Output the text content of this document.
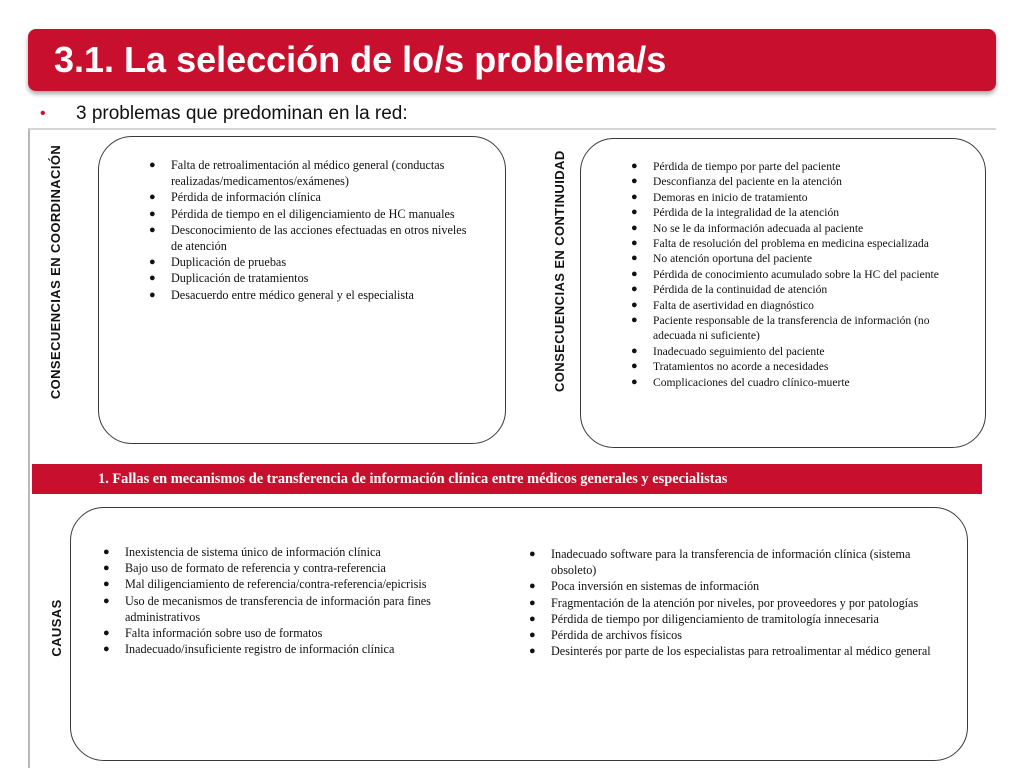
3.1. La selección de lo/s problema/s
• 3 problemas que predominan en la red:
CONSECUENCIAS EN COORDINACIÓN	● Falta de retroalimentación al médico general (conductas realizadas/medicamentos/exámenes)
● Pérdida de información clínica
● Pérdida de tiempo en el diligenciamiento de HC manuales
● Desconocimiento de las acciones efectuadas en otros niveles de atención
● Duplicación de pruebas
● Duplicación de tratamientos
● Desacuerdo entre médico general y el especialista	CONSECUENCIAS EN CONTINUIDAD	● Pérdida de tiempo por parte del paciente
● Desconfianza del paciente en la atención
● Demoras en inicio de tratamiento
● Pérdida de la integralidad de la atención
● No se le da información adecuada al paciente
● Falta de resolución del problema en medicina especializada
● No atención oportuna del paciente
● Pérdida de conocimiento acumulado sobre la HC del paciente
● Pérdida de la continuidad de atención
● Falta de asertividad en diagnóstico
● Paciente responsable de la transferencia de información (no adecuada ni suficiente)
● Inadecuado seguimiento del paciente
● Tratamientos no acorde a necesidades
● Complicaciones del cuadro clínico-muerte
1. Fallas en mecanismos de transferencia de información clínica entre médicos generales y especialistas
CAUSAS
● Inexistencia de sistema único de información clínica
● Bajo uso de formato de referencia y contra-referencia
● Mal diligenciamiento de referencia/contra-referencia/epicrisis
● Uso de mecanismos de transferencia de información para fines administrativos
● Falta información sobre uso de formatos
● Inadecuado/insuficiente registro de información clínica
● Inadecuado software para la transferencia de información clínica (sistema obsoleto)
● Poca inversión en sistemas de información
● Fragmentación de la atención por niveles, por proveedores y por patologías
● Pérdida de tiempo por diligenciamiento de tramitología innecesaria
● Pérdida de archivos físicos
● Desinterés por parte de los especialistas para retroalimentar al médico general
